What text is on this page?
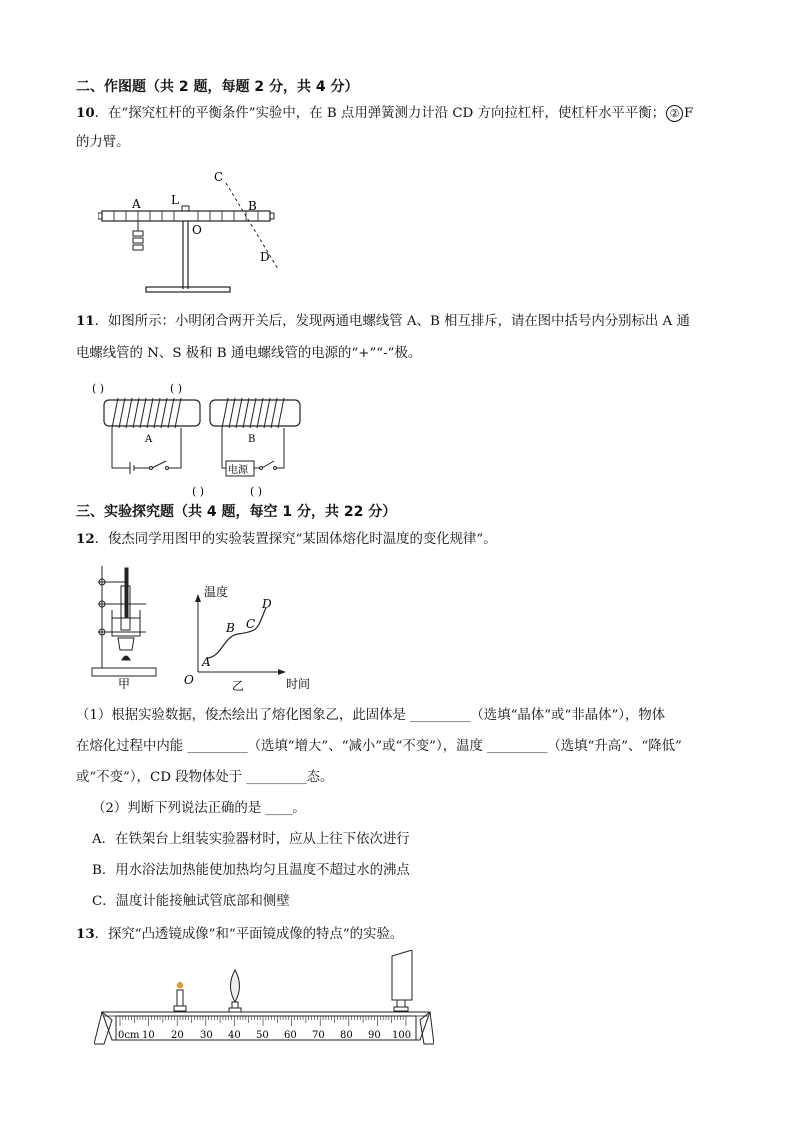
二、作图题（共 2 题，每题 2 分，共 4 分）
10．在“探究杠杆的平衡条件”实验中，在 B 点用弹簧测力计沿 CD 方向拉杠杆，使杠杆水平平衡； ② F
的力臂。
C
A	L	B
O
D
11．如图所示：小明闭合两开关后，发现两通电螺线管 A、B 相互排斥，请在图中括号内分别标出 A 通
电螺线管的 N、S 极和 B 通电螺线管的电源的“+”“-”极。
( )	( )
A	B
电源
( )	( )
三、实验探究题（共 4 题，每空 1 分，共 22 分）
12．俊杰同学用图甲的实验装置探究“某固体熔化时温度的变化规律”。
甲
温度
O
A
B C
D
时间
乙
（1）根据实验数据，俊杰绘出了熔化图象乙，此固体是 _________（选填“晶体”或“非晶体”），物体
在熔化过程中内能 _________（选填“增大”、“减小”或“不变”），温度 _________（选填“升高”、“降低”
或“不变”），CD 段物体处于 _________态。
（2）判断下列说法正确的是 ____。
A．在铁架台上组装实验器材时，应从上往下依次进行
B．用水浴法加热能使加热均匀且温度不超过水的沸点
C．温度计能接触试管底部和侧壁
13．探究“凸透镜成像”和“平面镜成像的特点”的实验。
0cm 10 20 30 40 50 60 70 80 90 100
